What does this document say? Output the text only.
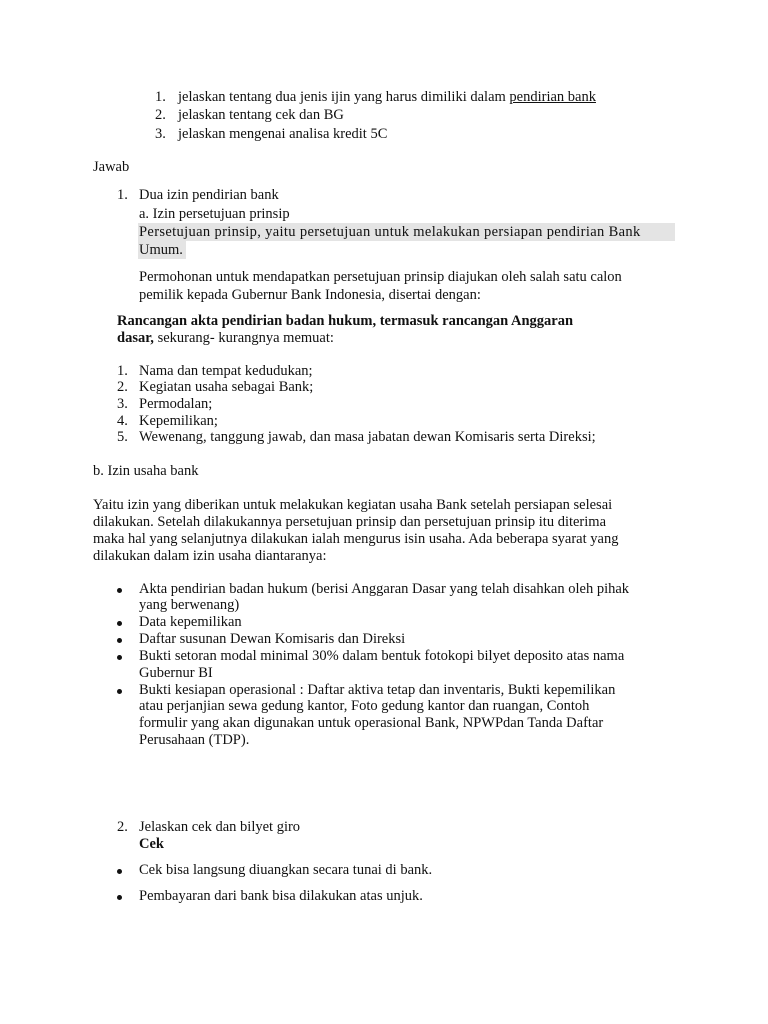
1. jelaskan tentang dua jenis ijin yang harus dimiliki dalam pendirian bank
2. jelaskan tentang cek dan BG
3. jelaskan mengenai analisa kredit 5C
Jawab
1. Dua izin pendirian bank
a. Izin persetujuan prinsip
Persetujuan prinsip, yaitu persetujuan untuk melakukan persiapan pendirian Bank
Umum.
Permohonan untuk mendapatkan persetujuan prinsip diajukan oleh salah satu calon
pemilik kepada Gubernur Bank Indonesia, disertai dengan:
Rancangan akta pendirian badan hukum, termasuk rancangan Anggaran
dasar, sekurang- kurangnya memuat:
1. Nama dan tempat kedudukan;
2. Kegiatan usaha sebagai Bank;
3. Permodalan;
4. Kepemilikan;
5. Wewenang, tanggung jawab, dan masa jabatan dewan Komisaris serta Direksi;
b. Izin usaha bank
Yaitu izin yang diberikan untuk melakukan kegiatan usaha Bank setelah persiapan selesai
dilakukan. Setelah dilakukannya persetujuan prinsip dan persetujuan prinsip itu diterima
maka hal yang selanjutnya dilakukan ialah mengurus isin usaha. Ada beberapa syarat yang
dilakukan dalam izin usaha diantaranya:
Akta pendirian badan hukum (berisi Anggaran Dasar yang telah disahkan oleh pihak
yang berwenang)
Data kepemilikan
Daftar susunan Dewan Komisaris dan Direksi
Bukti setoran modal minimal 30% dalam bentuk fotokopi bilyet deposito atas nama
Gubernur BI
Bukti kesiapan operasional : Daftar aktiva tetap dan inventaris, Bukti kepemilikan
atau perjanjian sewa gedung kantor, Foto gedung kantor dan ruangan, Contoh
formulir yang akan digunakan untuk operasional Bank, NPWPdan Tanda Daftar
Perusahaan (TDP).
2. Jelaskan cek dan bilyet giro
Cek
Cek bisa langsung diuangkan secara tunai di bank.
Pembayaran dari bank bisa dilakukan atas unjuk.
